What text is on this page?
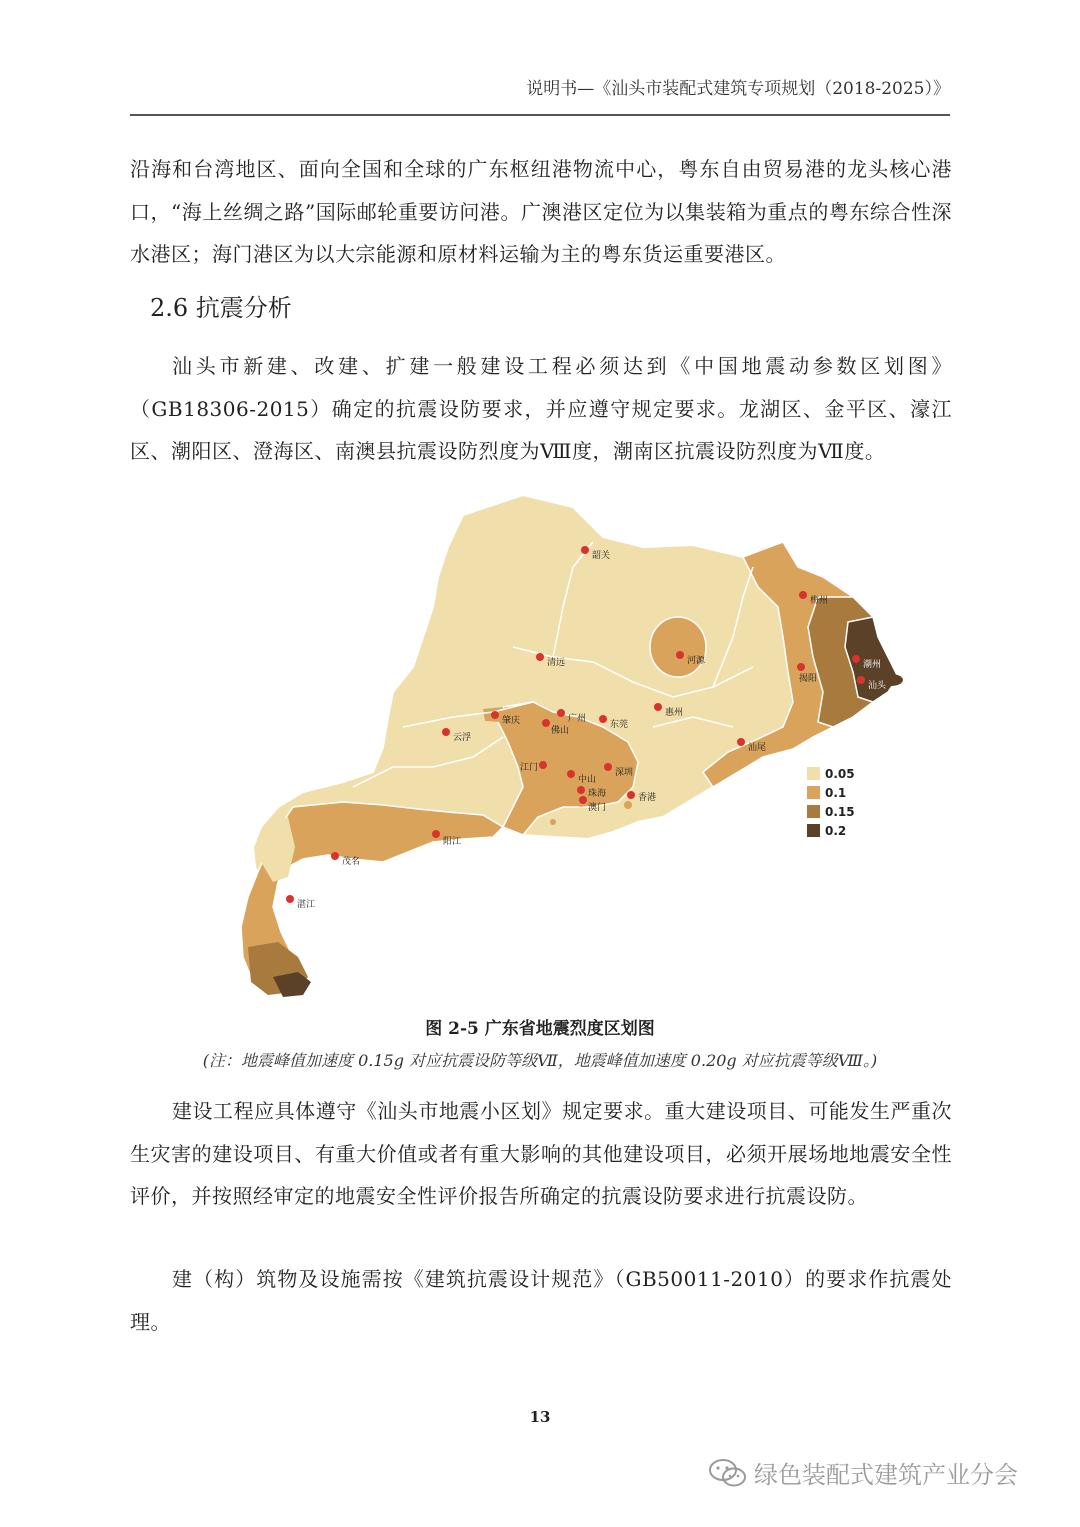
说明书—《汕头市装配式建筑专项规划（2018-2025）》
沿海和台湾地区、面向全国和全球的广东枢纽港物流中心，粤东自由贸易港的龙头核心港口，“海上丝绸之路”国际邮轮重要访问港。广澳港区定位为以集装箱为重点的粤东综合性深水港区；海门港区为以大宗能源和原材料运输为主的粤东货运重要港区。
2.6 抗震分析
汕头市新建、改建、扩建一般建设工程必须达到《中国地震动参数区划图》（GB18306-2015）确定的抗震设防要求，并应遵守规定要求。龙湖区、金平区、濠江区、潮阳区、澄海区、南澳县抗震设防烈度为Ⅷ度，潮南区抗震设防烈度为Ⅶ度。
韶关
梅州
清远	河源	潮州
揭阳
汕头
肇庆	广州
佛山
东莞
惠州
云浮
汕尾
江门
中山
深圳
珠海
澳门
香港
阳江
茂名
湛江
0.05
0.1
0.15
0.2
图 2-5 广东省地震烈度区划图
(注：地震峰值加速度 0.15g 对应抗震设防等级Ⅶ，地震峰值加速度 0.20g 对应抗震等级Ⅷ。)
建设工程应具体遵守《汕头市地震小区划》规定要求。重大建设项目、可能发生严重次生灾害的建设项目、有重大价值或者有重大影响的其他建设项目，必须开展场地地震安全性评价，并按照经审定的地震安全性评价报告所确定的抗震设防要求进行抗震设防。
建（构）筑物及设施需按《建筑抗震设计规范》（GB50011-2010）的要求作抗震处理。
13
绿色装配式建筑产业分会
